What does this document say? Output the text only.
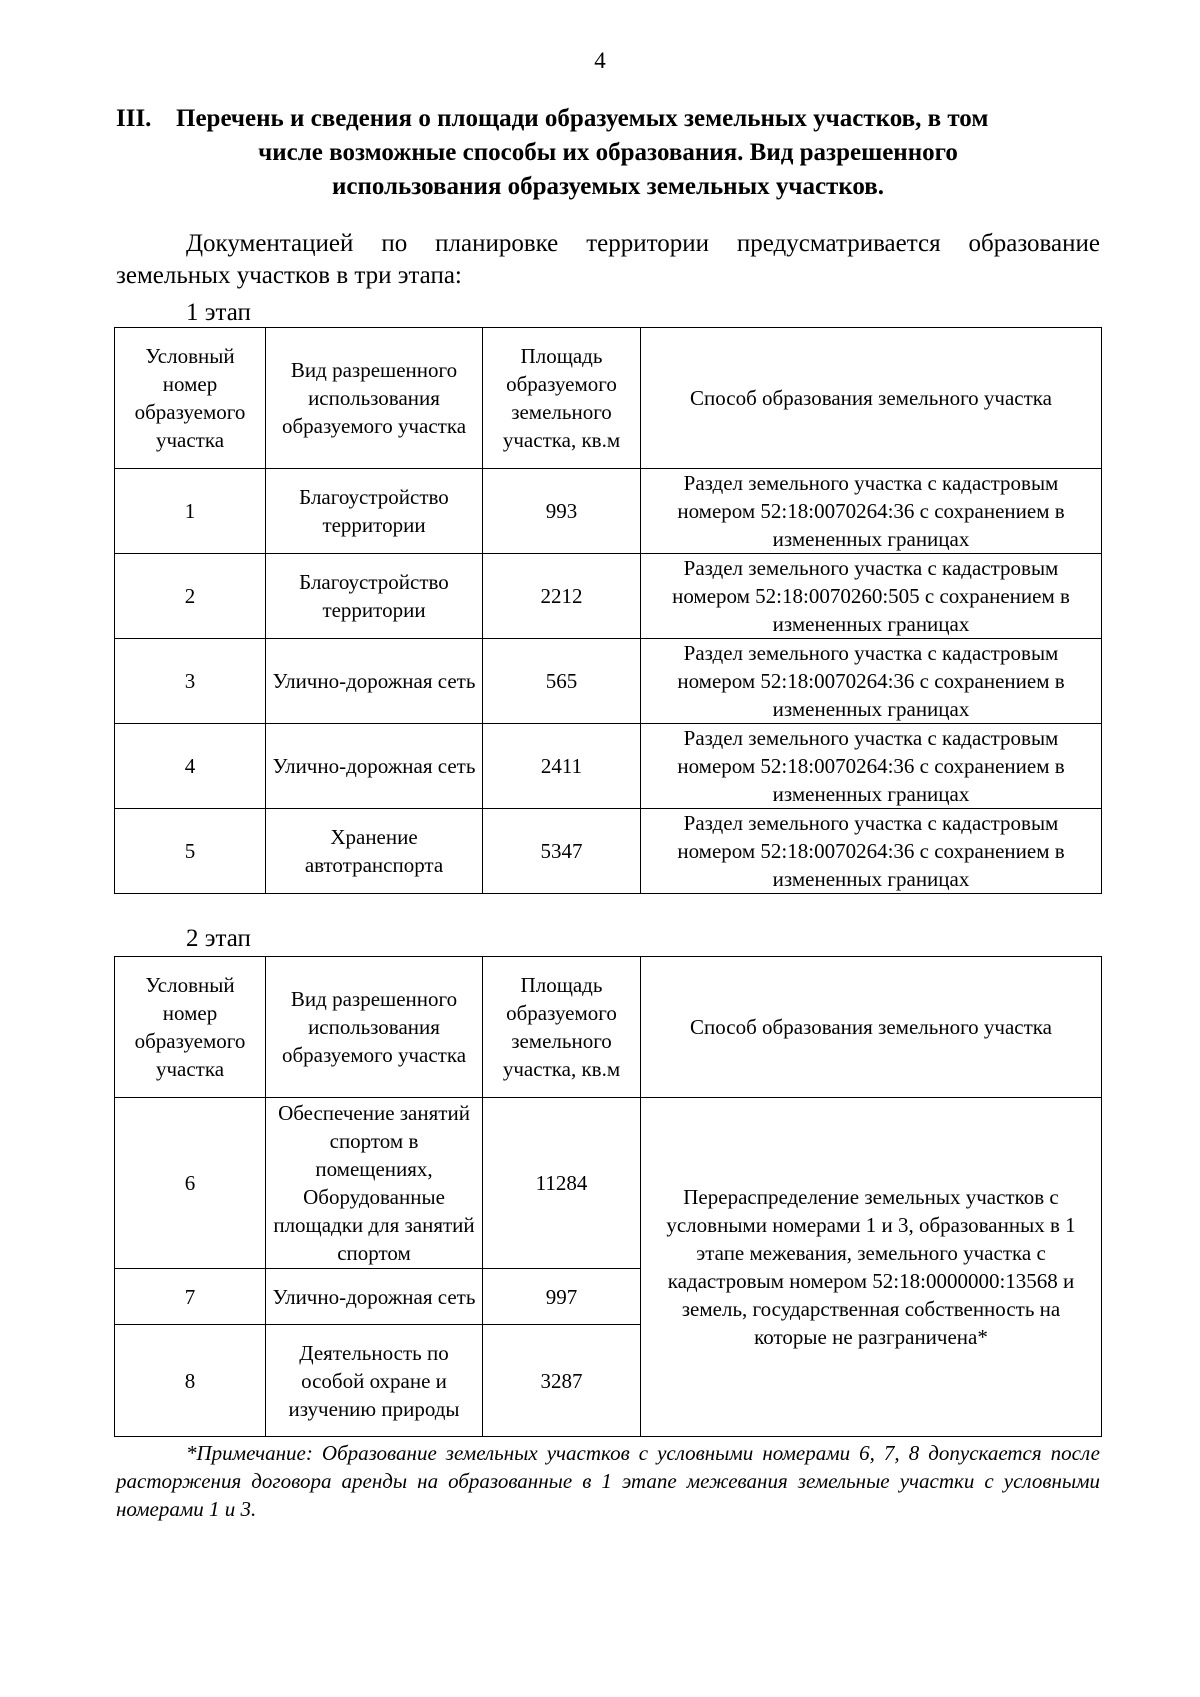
4
III. Перечень и сведения о площади образуемых земельных участков, в том
числе возможные способы их образования. Вид разрешенного
использования образуемых земельных участков.
Документацией по планировке территории предусматривается образование земельных участков в три этапа:
1 этап
Условный номер образуемого участка	Вид разрешенного использования образуемого участка	Площадь образуемого земельного участка, кв.м	Способ образования земельного участка
1	Благоустройство территории	993	Раздел земельного участка с кадастровым номером 52:18:0070264:36 с сохранением в измененных границах
2	Благоустройство территории	2212	Раздел земельного участка с кадастровым номером 52:18:0070260:505 с сохранением в измененных границах
3	Улично-дорожная сеть	565	Раздел земельного участка с кадастровым номером 52:18:0070264:36 с сохранением в измененных границах
4	Улично-дорожная сеть	2411	Раздел земельного участка с кадастровым номером 52:18:0070264:36 с сохранением в измененных границах
5	Хранение автотранспорта	5347	Раздел земельного участка с кадастровым номером 52:18:0070264:36 с сохранением в измененных границах
2 этап
Условный номер образуемого участка	Вид разрешенного использования образуемого участка	Площадь образуемого земельного участка, кв.м	Способ образования земельного участка
6	Обеспечение занятий спортом в помещениях, Оборудованные площадки для занятий спортом	11284	Перераспределение земельных участков с условными номерами 1 и 3, образованных в 1 этапе межевания, земельного участка с кадастровым номером 52:18:0000000:13568 и земель, государственная собственность на которые не разграничена*
7	Улично-дорожная сеть	997	
8	Деятельность по особой охране и изучению природы	3287	
*Примечание: Образование земельных участков с условными номерами 6, 7, 8 допускается после расторжения договора аренды на образованные в 1 этапе межевания земельные участки с условными номерами 1 и 3.
